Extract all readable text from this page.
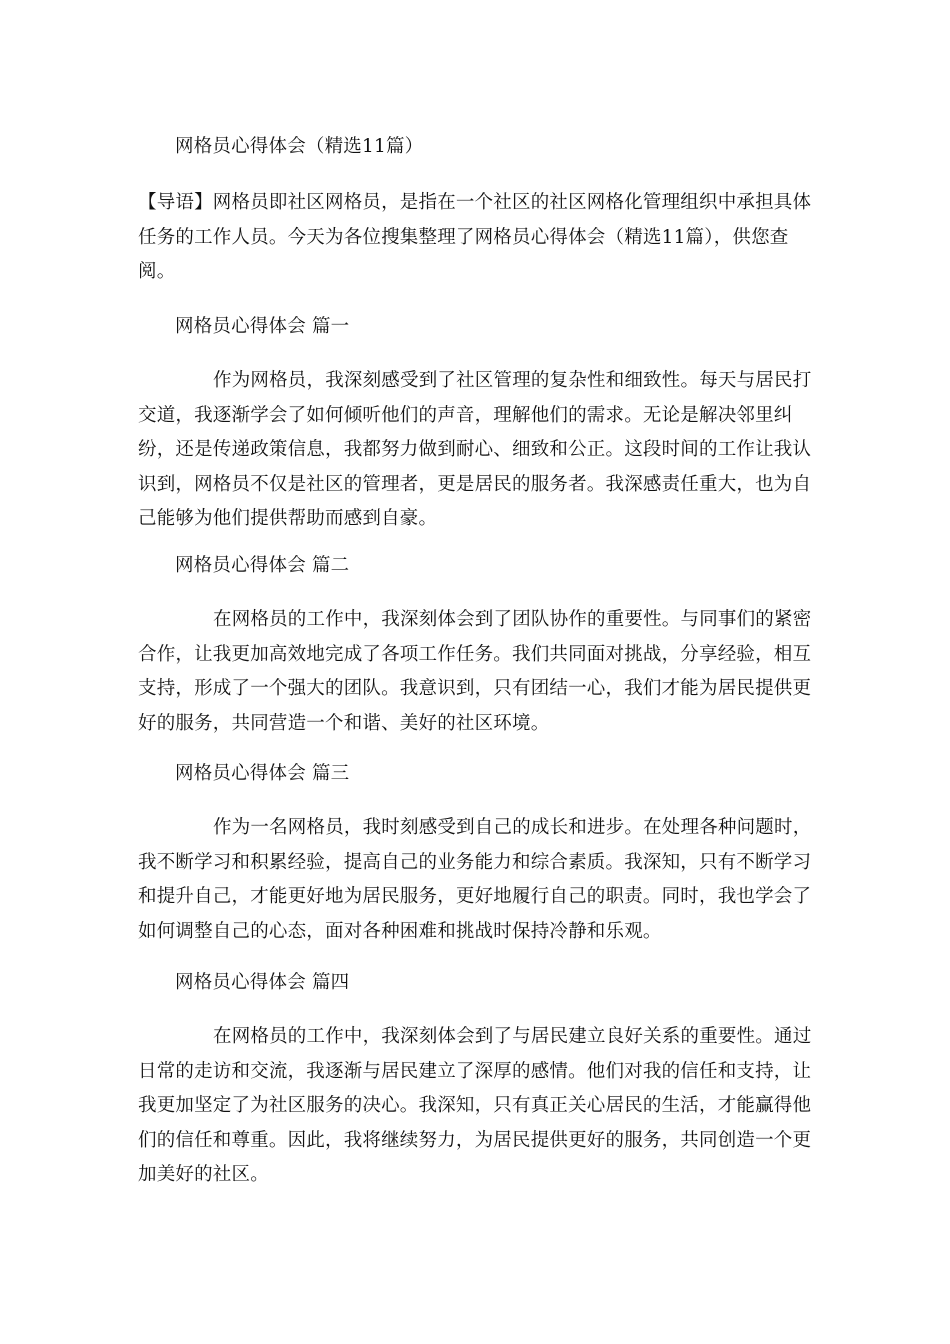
网格员心得体会（精选11篇）

【导语】网格员即社区网格员，是指在一个社区的社区网格化管理组织中承担具体任务的工作人员。今天为各位搜集整理了网格员心得体会（精选11篇），供您查阅。

网格员心得体会 篇一

作为网格员，我深刻感受到了社区管理的复杂性和细致性。每天与居民打交道，我逐渐学会了如何倾听他们的声音，理解他们的需求。无论是解决邻里纠纷，还是传递政策信息，我都努力做到耐心、细致和公正。这段时间的工作让我认识到，网格员不仅是社区的管理者，更是居民的服务者。我深感责任重大，也为自己能够为他们提供帮助而感到自豪。

网格员心得体会 篇二

在网格员的工作中，我深刻体会到了团队协作的重要性。与同事们的紧密合作，让我更加高效地完成了各项工作任务。我们共同面对挑战，分享经验，相互支持，形成了一个强大的团队。我意识到，只有团结一心，我们才能为居民提供更好的服务，共同营造一个和谐、美好的社区环境。

网格员心得体会 篇三

作为一名网格员，我时刻感受到自己的成长和进步。在处理各种问题时，我不断学习和积累经验，提高自己的业务能力和综合素质。我深知，只有不断学习和提升自己，才能更好地为居民服务，更好地履行自己的职责。同时，我也学会了如何调整自己的心态，面对各种困难和挑战时保持冷静和乐观。

网格员心得体会 篇四

在网格员的工作中，我深刻体会到了与居民建立良好关系的重要性。通过日常的走访和交流，我逐渐与居民建立了深厚的感情。他们对我的信任和支持，让我更加坚定了为社区服务的决心。我深知，只有真正关心居民的生活，才能赢得他们的信任和尊重。因此，我将继续努力，为居民提供更好的服务，共同创造一个更加美好的社区。
